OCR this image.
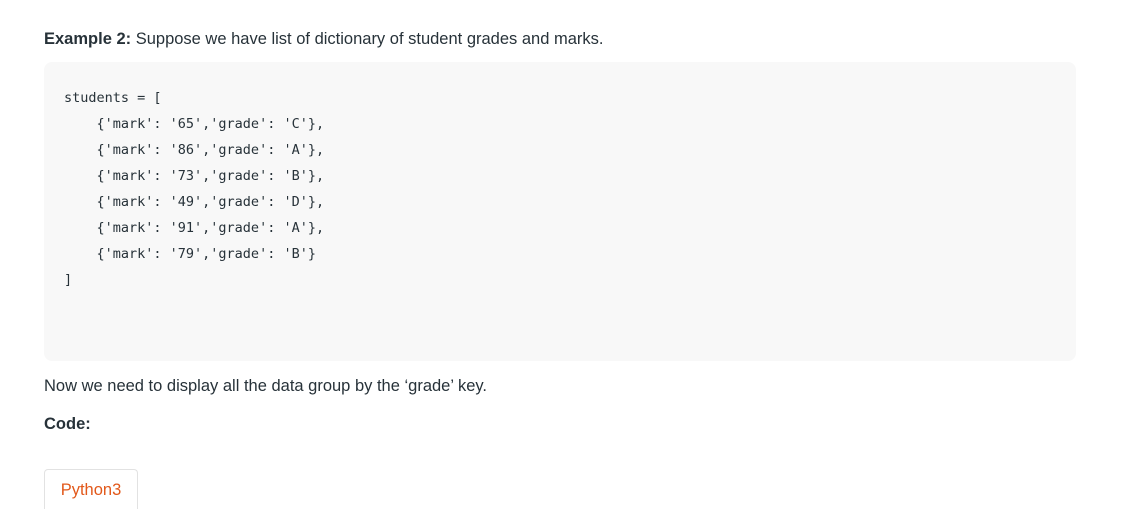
Example 2: Suppose we have list of dictionary of student grades and marks.
students = [
{'mark': '65','grade': 'C'},
{'mark': '86','grade': 'A'},
{'mark': '73','grade': 'B'},
{'mark': '49','grade': 'D'},
{'mark': '91','grade': 'A'},
{'mark': '79','grade': 'B'}
]
Now we need to display all the data group by the ‘grade’ key.
Code:
Python3
